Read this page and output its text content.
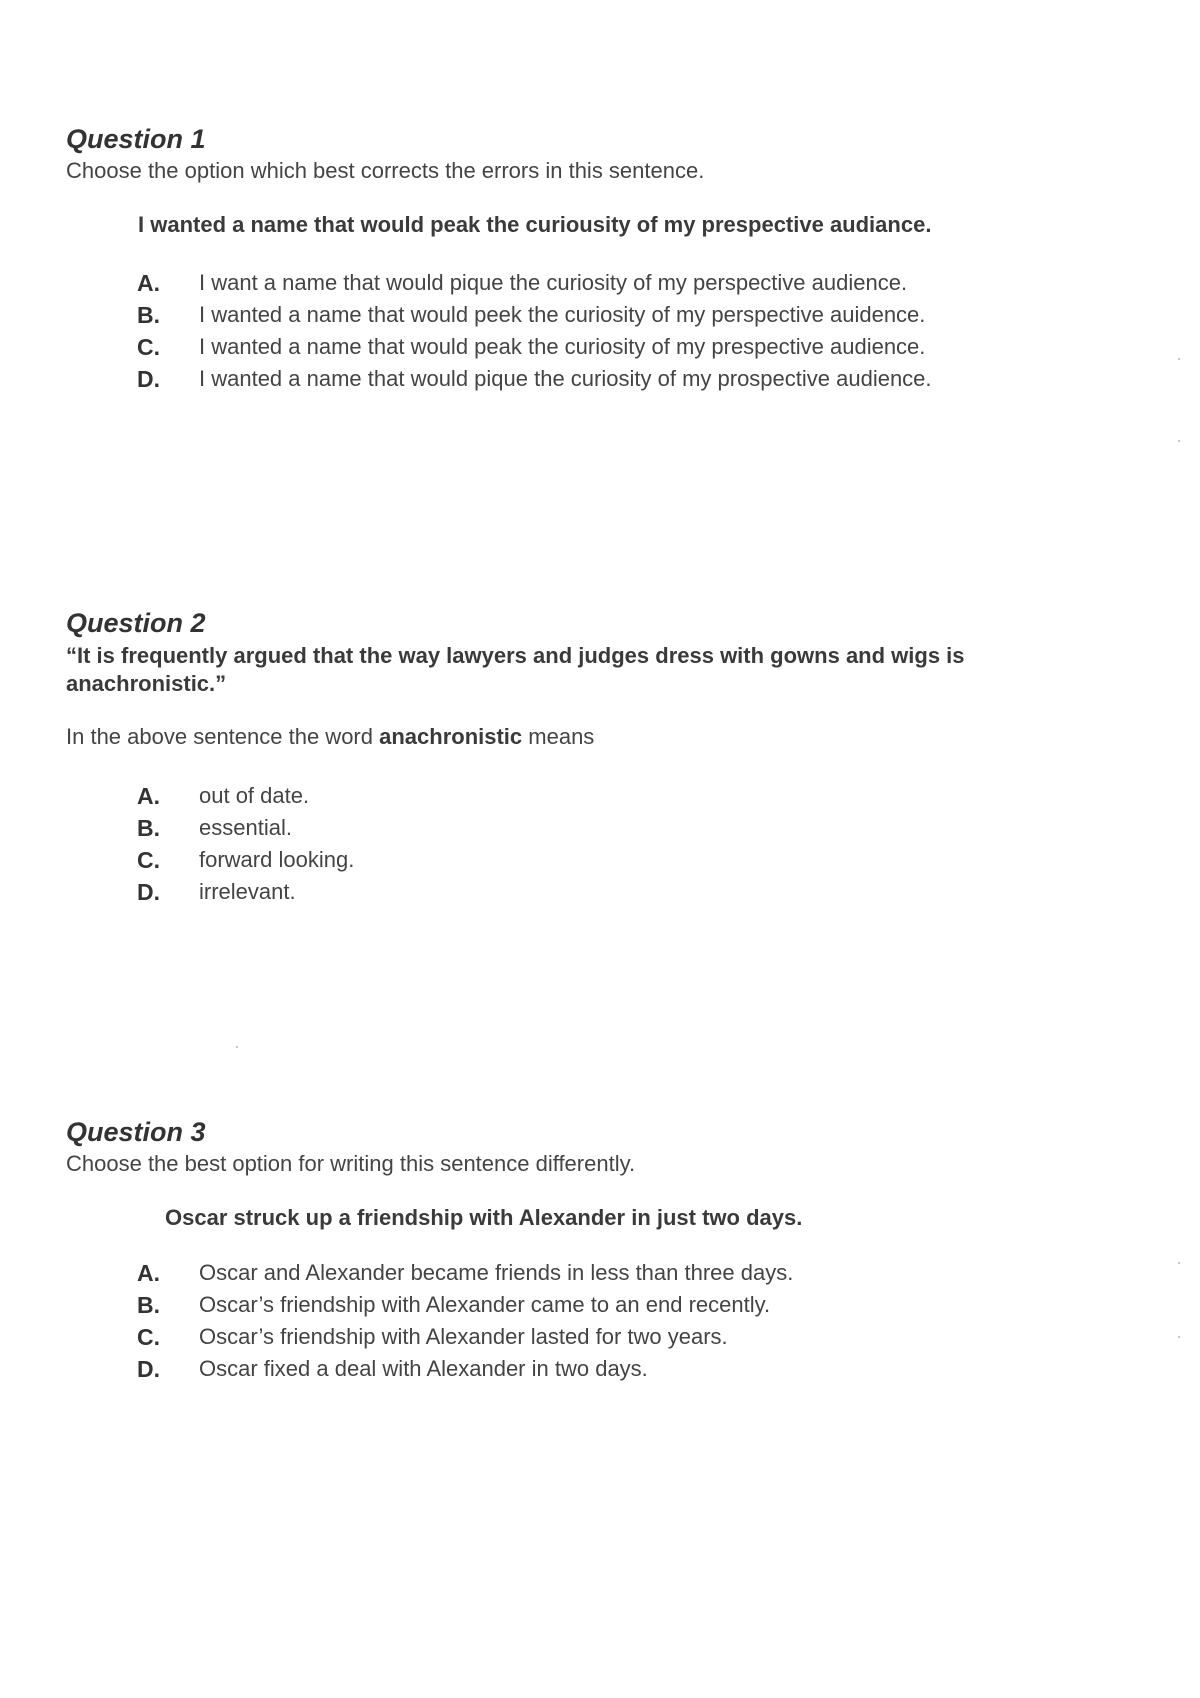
Question 1

Choose the option which best corrects the errors in this sentence.

I wanted a name that would peak the curiousity of my prespective audiance.

A.	I want a name that would pique the curiosity of my perspective audience.
B.	I wanted a name that would peek the curiosity of my perspective auidence.
C.	I wanted a name that would peak the curiosity of my prespective audience.
D.	I wanted a name that would pique the curiosity of my prospective audience.
Question 2

“It is frequently argued that the way lawyers and judges dress with gowns and wigs is anachronistic.”

In the above sentence the word anachronistic means

A.	out of date.
B.	essential.
C.	forward looking.
D.	irrelevant.
Question 3

Choose the best option for writing this sentence differently.

Oscar struck up a friendship with Alexander in just two days.

A.	Oscar and Alexander became friends in less than three days.
B.	Oscar’s friendship with Alexander came to an end recently.
C.	Oscar’s friendship with Alexander lasted for two years.
D.	Oscar fixed a deal with Alexander in two days.
